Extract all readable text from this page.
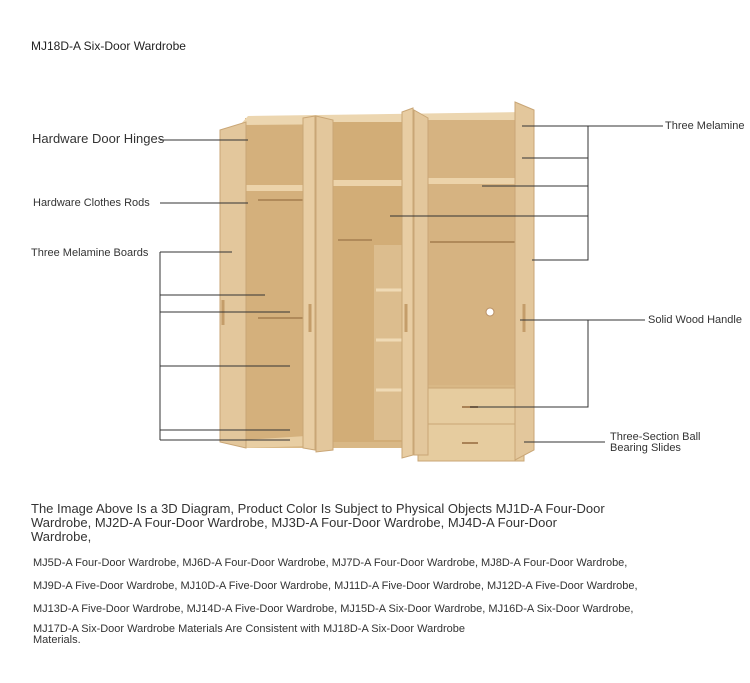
MJ18D-A Six-Door Wardrobe
Hardware Door Hinges
Hardware Clothes Rods
Three Melamine Boards
Three Melamine
Solid Wood Handle
Three-Section Ball Bearing Slides
The Image Above Is a 3D Diagram, Product Color Is Subject to Physical Objects MJ1D-A Four-Door Wardrobe, MJ2D-A Four-Door Wardrobe, MJ3D-A Four-Door Wardrobe, MJ4D-A Four-Door Wardrobe,
MJ5D-A Four-Door Wardrobe, MJ6D-A Four-Door Wardrobe, MJ7D-A Four-Door Wardrobe, MJ8D-A Four-Door Wardrobe,
MJ9D-A Five-Door Wardrobe, MJ10D-A Five-Door Wardrobe, MJ11D-A Five-Door Wardrobe, MJ12D-A Five-Door Wardrobe,
MJ13D-A Five-Door Wardrobe, MJ14D-A Five-Door Wardrobe, MJ15D-A Six-Door Wardrobe, MJ16D-A Six-Door Wardrobe,
MJ17D-A Six-Door Wardrobe Materials Are Consistent with MJ18D-A Six-Door Wardrobe Materials.
